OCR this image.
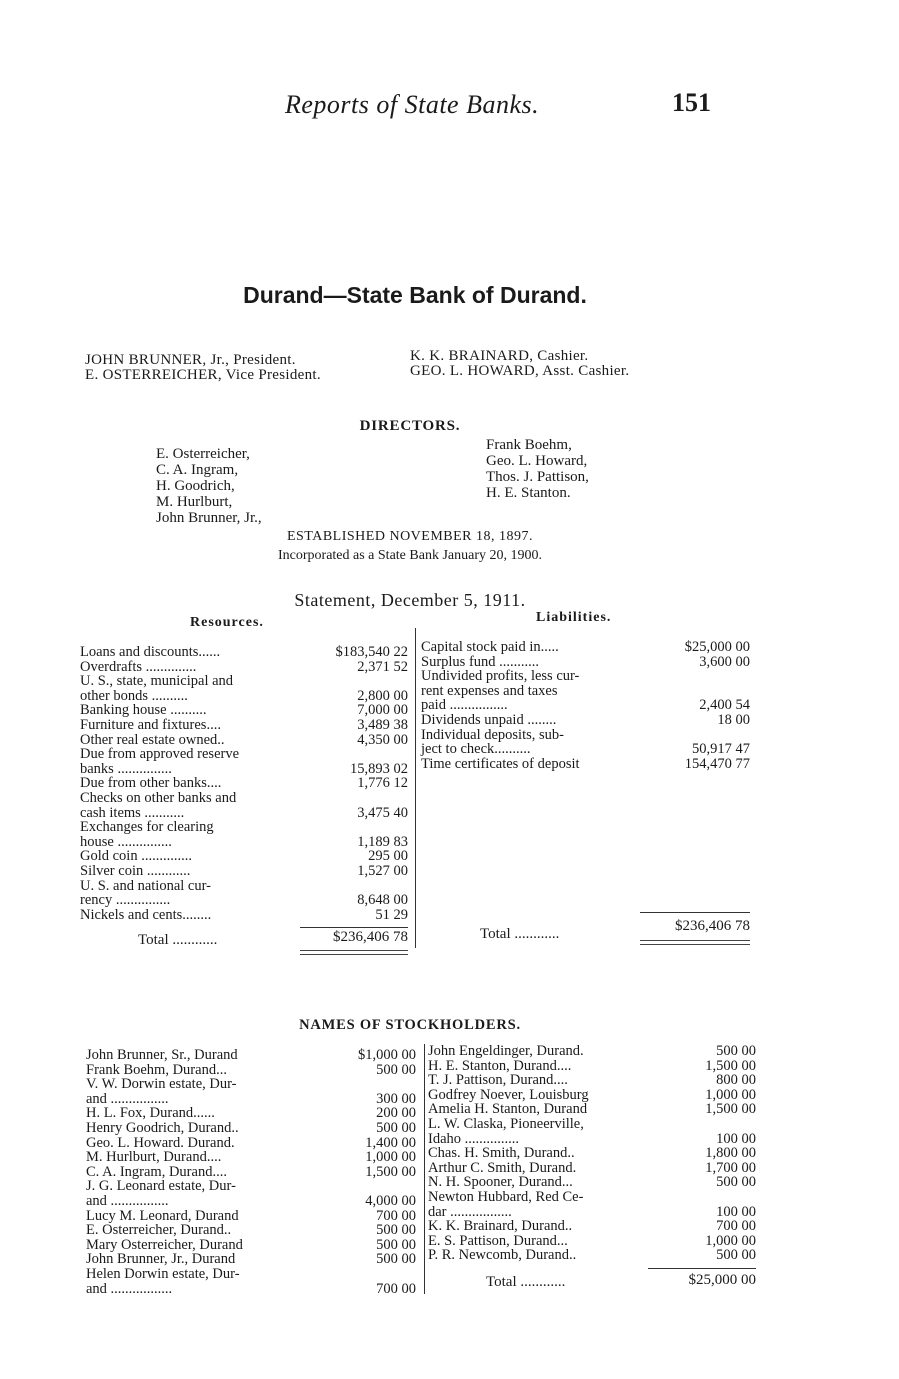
Reports of State Banks.	151
Durand—State Bank of Durand.
JOHN BRUNNER, Jr., President.
E. OSTERREICHER, Vice President.
K. K. BRAINARD, Cashier.
GEO. L. HOWARD, Asst. Cashier.
DIRECTORS.
E. Osterreicher,
C. A. Ingram,
H. Goodrich,
M. Hurlburt,
John Brunner, Jr.,
Frank Boehm,
Geo. L. Howard,
Thos. J. Pattison,
H. E. Stanton.
ESTABLISHED NOVEMBER 18, 1897.
Incorporated as a State Bank January 20, 1900.
Statement, December 5, 1911.
Resources.	Liabilities.
Loans and discounts......	$183,540 22
Overdrafts ..............	2,371 52
U. S., state, municipal and
other bonds ..........	2,800 00
Banking house ..........	7,000 00
Furniture and fixtures....	3,489 38
Other real estate owned..	4,350 00
Due from approved reserve
banks ...............	15,893 02
Due from other banks....	1,776 12
Checks on other banks and
cash items ...........	3,475 40
Exchanges for clearing
house ...............	1,189 83
Gold coin ..............	295 00
Silver coin ............	1,527 00
U. S. and national cur-
rency ...............	8,648 00
Nickels and cents........	51 29
Capital stock paid in.....	$25,000 00
Surplus fund ...........	3,600 00
Undivided profits, less cur-
rent expenses and taxes
paid ................	2,400 54
Dividends unpaid ........	18 00
Individual deposits, sub-
ject to check..........	50,917 47
Time certificates of deposit	154,470 77
Total ............	$236,406 78	Total ............	$236,406 78
NAMES OF STOCKHOLDERS.
John Brunner, Sr., Durand	$1,000 00
Frank Boehm, Durand...	500 00
V. W. Dorwin estate, Dur-
and ................	300 00
H. L. Fox, Durand......	200 00
Henry Goodrich, Durand..	500 00
Geo. L. Howard. Durand.	1,400 00
M. Hurlburt, Durand....	1,000 00
C. A. Ingram, Durand....	1,500 00
J. G. Leonard estate, Dur-
and ................	4,000 00
Lucy M. Leonard, Durand	700 00
E. Osterreicher, Durand..	500 00
Mary Osterreicher, Durand	500 00
John Brunner, Jr., Durand	500 00
Helen Dorwin estate, Dur-
and .................	700 00
John Engeldinger, Durand.	500 00
H. E. Stanton, Durand....	1,500 00
T. J. Pattison, Durand....	800 00
Godfrey Noever, Louisburg	1,000 00
Amelia H. Stanton, Durand	1,500 00
L. W. Claska, Pioneerville,
Idaho ...............	100 00
Chas. H. Smith, Durand..	1,800 00
Arthur C. Smith, Durand.	1,700 00
N. H. Spooner, Durand...	500 00
Newton Hubbard, Red Ce-
dar .................	100 00
K. K. Brainard, Durand..	700 00
E. S. Pattison, Durand...	1,000 00
P. R. Newcomb, Durand..	500 00
Total ............	$25,000 00
